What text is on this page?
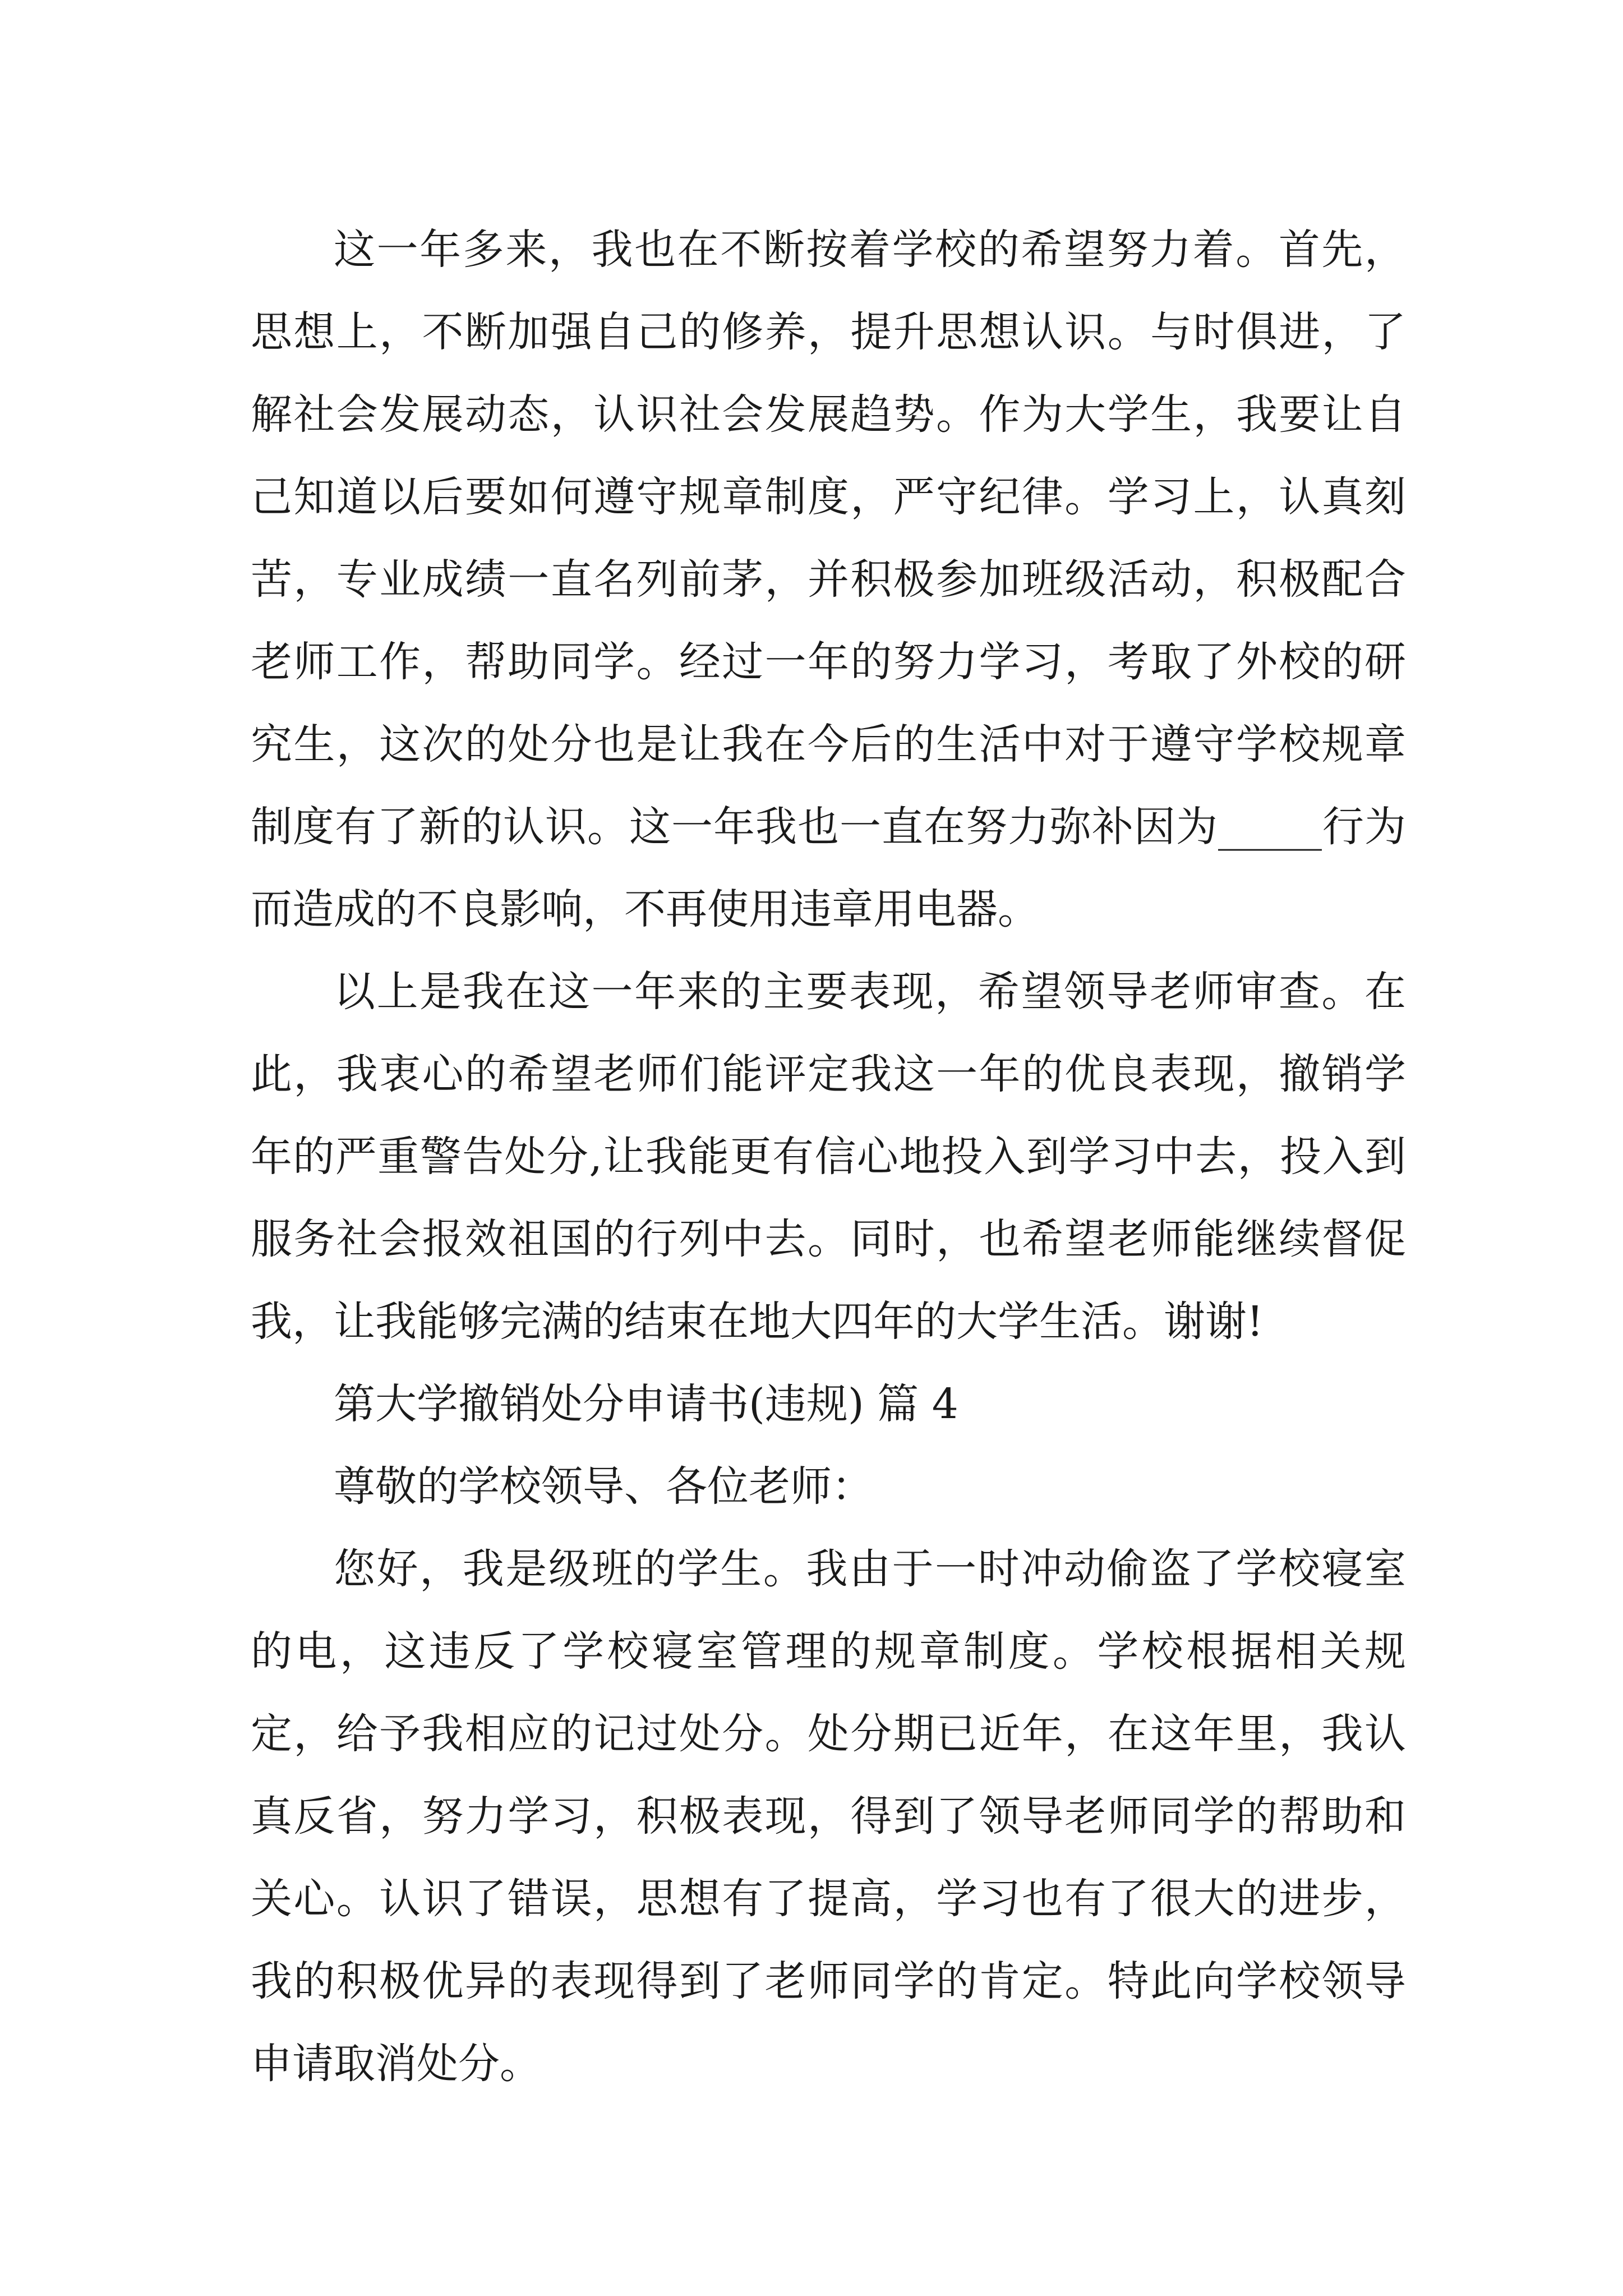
这一年多来，我也在不断按着学校的希望努力着。首先，思想上，不断加强自己的修养，提升思想认识。与时俱进，了解社会发展动态，认识社会发展趋势。作为大学生，我要让自己知道以后要如何遵守规章制度，严守纪律。学习上，认真刻苦，专业成绩一直名列前茅，并积极参加班级活动，积极配合老师工作，帮助同学。经过一年的努力学习，考取了外校的研究生，这次的处分也是让我在今后的生活中对于遵守学校规章制度有了新的认识。这一年我也一直在努力弥补因为_____行为而造成的不良影响，不再使用违章用电器。

以上是我在这一年来的主要表现，希望领导老师审查。在此，我衷心的希望老师们能评定我这一年的优良表现，撤销学年的严重警告处分,让我能更有信心地投入到学习中去，投入到服务社会报效祖国的行列中去。同时，也希望老师能继续督促我，让我能够完满的结束在地大四年的大学生活。谢谢!

第大学撤销处分申请书(违规) 篇 4

尊敬的学校领导、各位老师：

您好，我是级班的学生。我由于一时冲动偷盗了学校寝室的电，这违反了学校寝室管理的规章制度。学校根据相关规定，给予我相应的记过处分。处分期已近年，在这年里，我认真反省，努力学习，积极表现，得到了领导老师同学的帮助和关心。认识了错误，思想有了提高，学习也有了很大的进步，我的积极优异的表现得到了老师同学的肯定。特此向学校领导申请取消处分。
